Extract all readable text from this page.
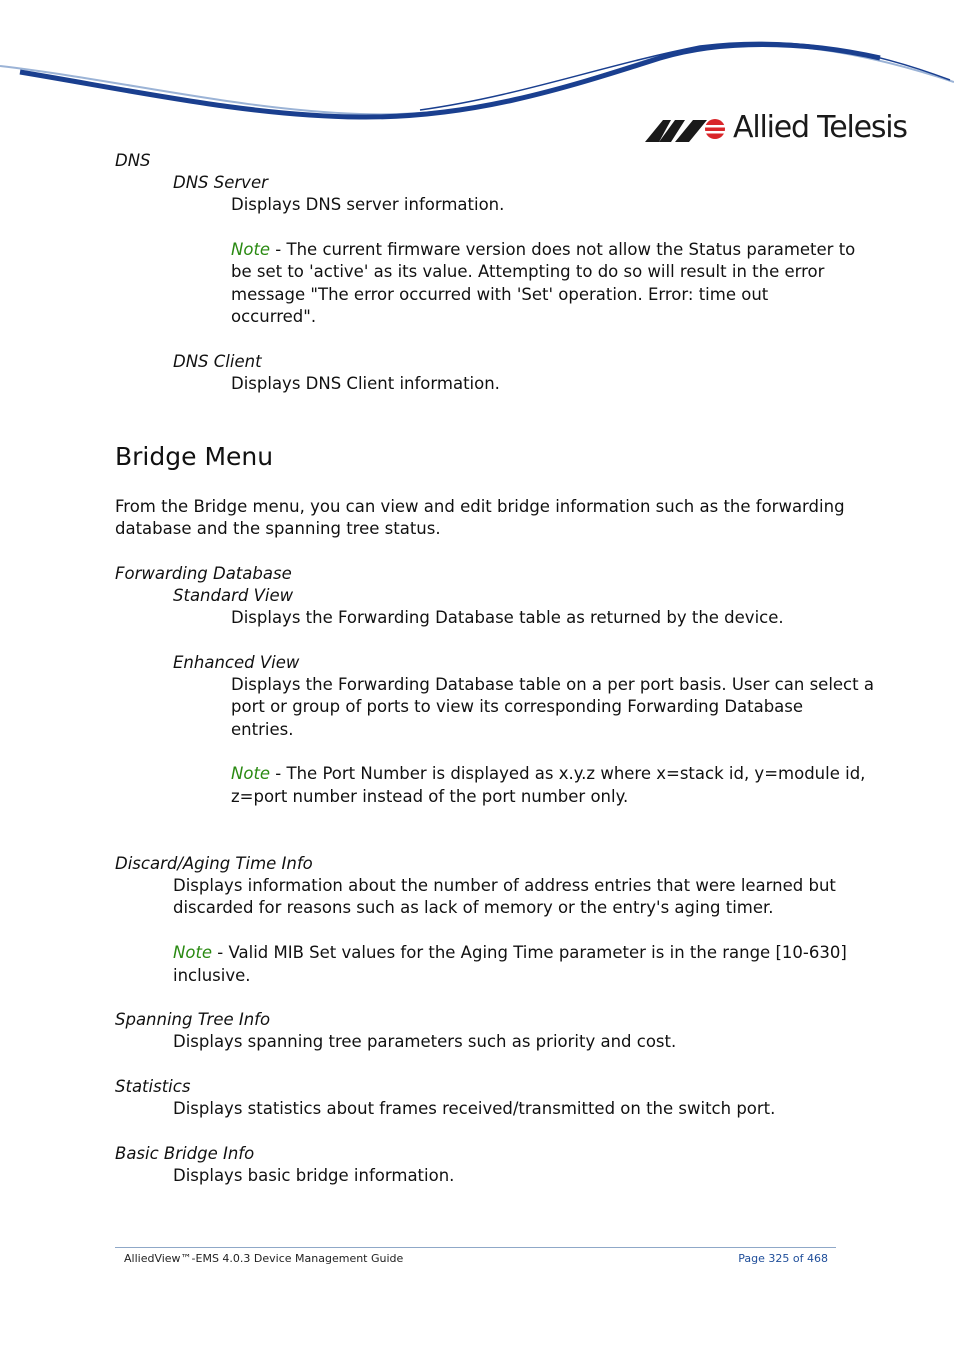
Allied Telesis

DNS

DNS Server

Displays DNS server information.

Note - The current firmware version does not allow the Status parameter to

be set to 'active' as its value. Attempting to do so will result in the error

message "The error occurred with 'Set' operation. Error: time out

occurred".

DNS Client

Displays DNS Client information.

Bridge Menu

From the Bridge menu, you can view and edit bridge information such as the forwarding

database and the spanning tree status.

Forwarding Database

Standard View

Displays the Forwarding Database table as returned by the device.

Enhanced View

Displays the Forwarding Database table on a per port basis. User can select a

port or group of ports to view its corresponding Forwarding Database

entries.

Note - The Port Number is displayed as x.y.z where x=stack id, y=module id,

z=port number instead of the port number only.

Discard/Aging Time Info

Displays information about the number of address entries that were learned but

discarded for reasons such as lack of memory or the entry's aging timer.

Note - Valid MIB Set values for the Aging Time parameter is in the range [10-630]

inclusive.

Spanning Tree Info

Displays spanning tree parameters such as priority and cost.

Statistics

Displays statistics about frames received/transmitted on the switch port.

Basic Bridge Info

Displays basic bridge information.

AlliedView™-EMS 4.0.3 Device Management Guide	Page 325 of 468
